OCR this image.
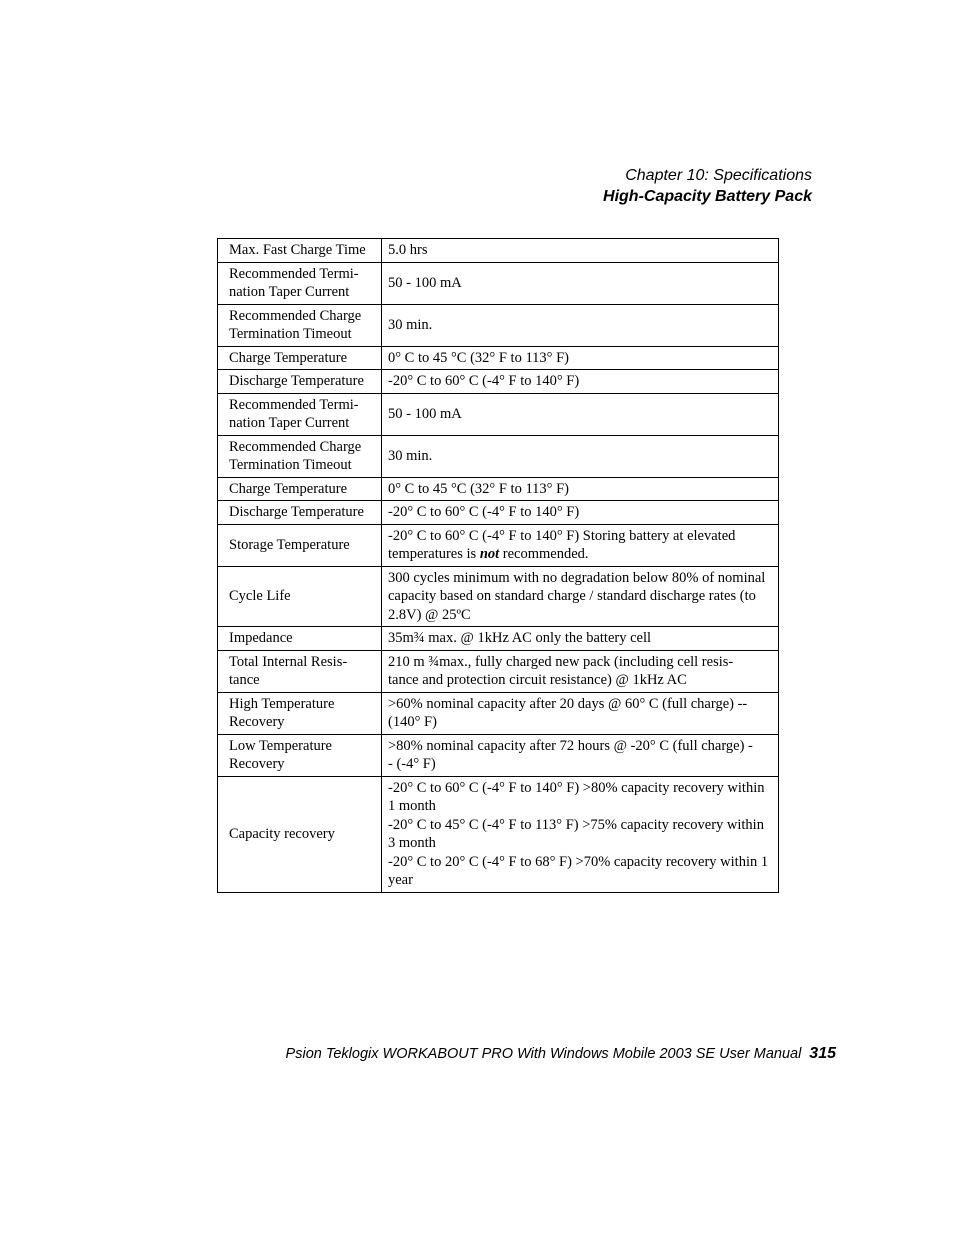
Chapter 10: Specifications
High-Capacity Battery Pack
Max. Fast Charge Time	5.0 hrs
Recommended Termi-
nation Taper Current	50 - 100 mA
Recommended Charge
Termination Timeout	30 min.
Charge Temperature	0° C to 45 °C (32° F to 113° F)
Discharge Temperature	-20° C to 60° C (-4° F to 140° F)
Recommended Termi-
nation Taper Current	50 - 100 mA
Recommended Charge
Termination Timeout	30 min.
Charge Temperature	0° C to 45 °C (32° F to 113° F)
Discharge Temperature	-20° C to 60° C (-4° F to 140° F)
Storage Temperature	-20° C to 60° C (-4° F to 140° F) Storing battery at elevated temperatures is not recommended.
Cycle Life	300 cycles minimum with no degradation below 80% of nominal capacity based on standard charge / standard discharge rates (to 2.8V) @ 25ºC
Impedance	35m¾ max. @ 1kHz AC only the battery cell
Total Internal Resis-
tance	210 m ¾max., fully charged new pack (including cell resis-
tance and protection circuit resistance) @ 1kHz AC
High Temperature
Recovery	>60% nominal capacity after 20 days @ 60° C (full charge) --
(140° F)
Low Temperature
Recovery	>80% nominal capacity after 72 hours @ -20° C (full charge) -
- (-4° F)
Capacity recovery	-20° C to 60° C (-4° F to 140° F) >80% capacity recovery within 1 month
-20° C to 45° C (-4° F to 113° F) >75% capacity recovery within 3 month
-20° C to 20° C (-4° F to 68° F) >70% capacity recovery within 1 year
Psion Teklogix WORKABOUT PRO With Windows Mobile 2003 SE User Manual 315
